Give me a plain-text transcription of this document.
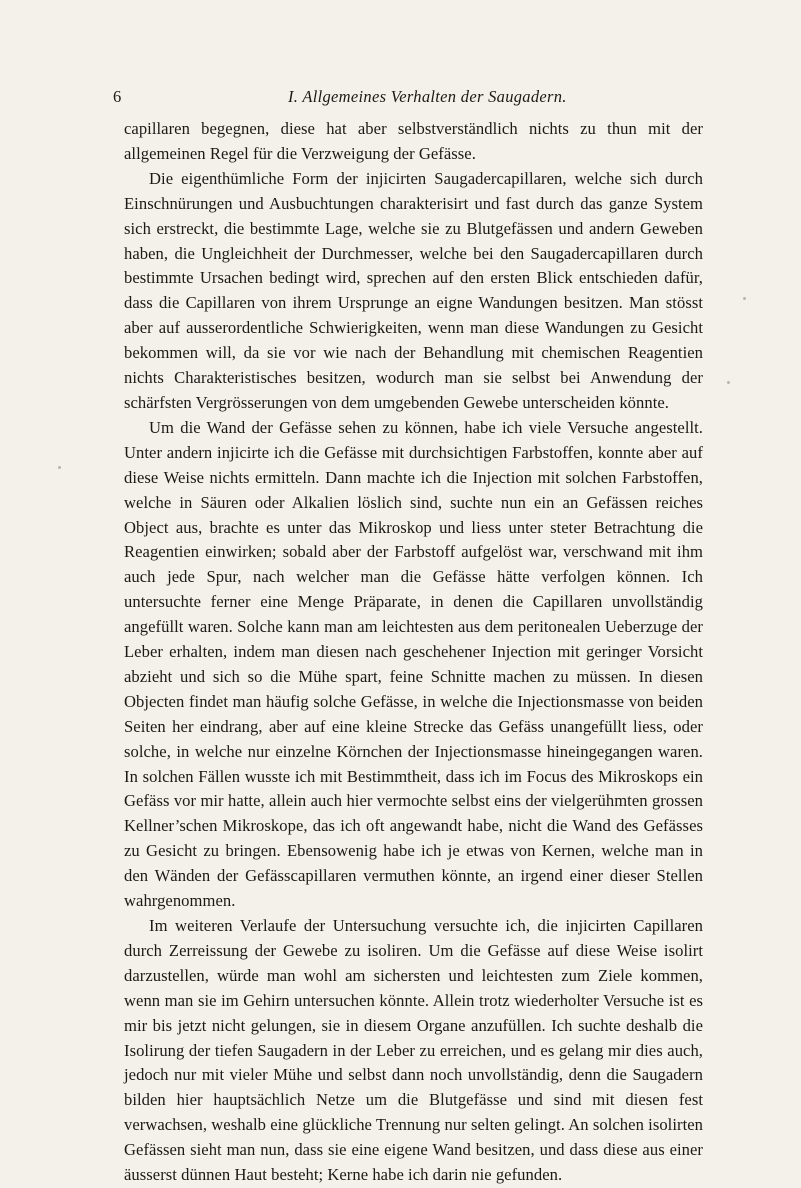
6	I. Allgemeines Verhalten der Saugadern.

capillaren begegnen, diese hat aber selbstverständlich nichts zu thun mit der allgemeinen Regel für die Verzweigung der Gefässe.

Die eigenthümliche Form der injicirten Saugadercapillaren, welche sich durch Einschnürungen und Ausbuchtungen charakterisirt und fast durch das ganze System sich erstreckt, die bestimmte Lage, welche sie zu Blutgefässen und andern Geweben haben, die Ungleichheit der Durchmesser, welche bei den Saugadercapillaren durch bestimmte Ursachen bedingt wird, sprechen auf den ersten Blick entschieden dafür, dass die Capillaren von ihrem Ursprunge an eigne Wandungen besitzen. Man stösst aber auf ausserordentliche Schwierigkeiten, wenn man diese Wandungen zu Gesicht bekommen will, da sie vor wie nach der Behandlung mit chemischen Reagentien nichts Charakteristisches besitzen, wodurch man sie selbst bei Anwendung der schärfsten Vergrösserungen von dem umgebenden Gewebe unterscheiden könnte.

Um die Wand der Gefässe sehen zu können, habe ich viele Versuche angestellt. Unter andern injicirte ich die Gefässe mit durchsichtigen Farbstoffen, konnte aber auf diese Weise nichts ermitteln. Dann machte ich die Injection mit solchen Farbstoffen, welche in Säuren oder Alkalien löslich sind, suchte nun ein an Gefässen reiches Object aus, brachte es unter das Mikroskop und liess unter steter Betrachtung die Reagentien einwirken; sobald aber der Farbstoff aufgelöst war, verschwand mit ihm auch jede Spur, nach welcher man die Gefässe hätte verfolgen können. Ich untersuchte ferner eine Menge Präparate, in denen die Capillaren unvollständig angefüllt waren. Solche kann man am leichtesten aus dem peritonealen Ueberzuge der Leber erhalten, indem man diesen nach geschehener Injection mit geringer Vorsicht abzieht und sich so die Mühe spart, feine Schnitte machen zu müssen. In diesen Objecten findet man häufig solche Gefässe, in welche die Injectionsmasse von beiden Seiten her eindrang, aber auf eine kleine Strecke das Gefäss unangefüllt liess, oder solche, in welche nur einzelne Körnchen der Injectionsmasse hineingegangen waren. In solchen Fällen wusste ich mit Bestimmtheit, dass ich im Focus des Mikroskops ein Gefäss vor mir hatte, allein auch hier vermochte selbst eins der vielgerühmten grossen Kellner’schen Mikroskope, das ich oft angewandt habe, nicht die Wand des Gefässes zu Gesicht zu bringen. Ebensowenig habe ich je etwas von Kernen, welche man in den Wänden der Gefässcapillaren vermuthen könnte, an irgend einer dieser Stellen wahrgenommen.

Im weiteren Verlaufe der Untersuchung versuchte ich, die injicirten Capillaren durch Zerreissung der Gewebe zu isoliren. Um die Gefässe auf diese Weise isolirt darzustellen, würde man wohl am sichersten und leichtesten zum Ziele kommen, wenn man sie im Gehirn untersuchen könnte. Allein trotz wiederholter Versuche ist es mir bis jetzt nicht gelungen, sie in diesem Organe anzufüllen. Ich suchte deshalb die Isolirung der tiefen Saugadern in der Leber zu erreichen, und es gelang mir dies auch, jedoch nur mit vieler Mühe und selbst dann noch unvollständig, denn die Saugadern bilden hier hauptsächlich Netze um die Blutgefässe und sind mit diesen fest verwachsen, weshalb eine glückliche Trennung nur selten gelingt. An solchen isolirten Gefässen sieht man nun, dass sie eine eigene Wand besitzen, und dass diese aus einer äusserst dünnen Haut besteht; Kerne habe ich darin nie gefunden.
